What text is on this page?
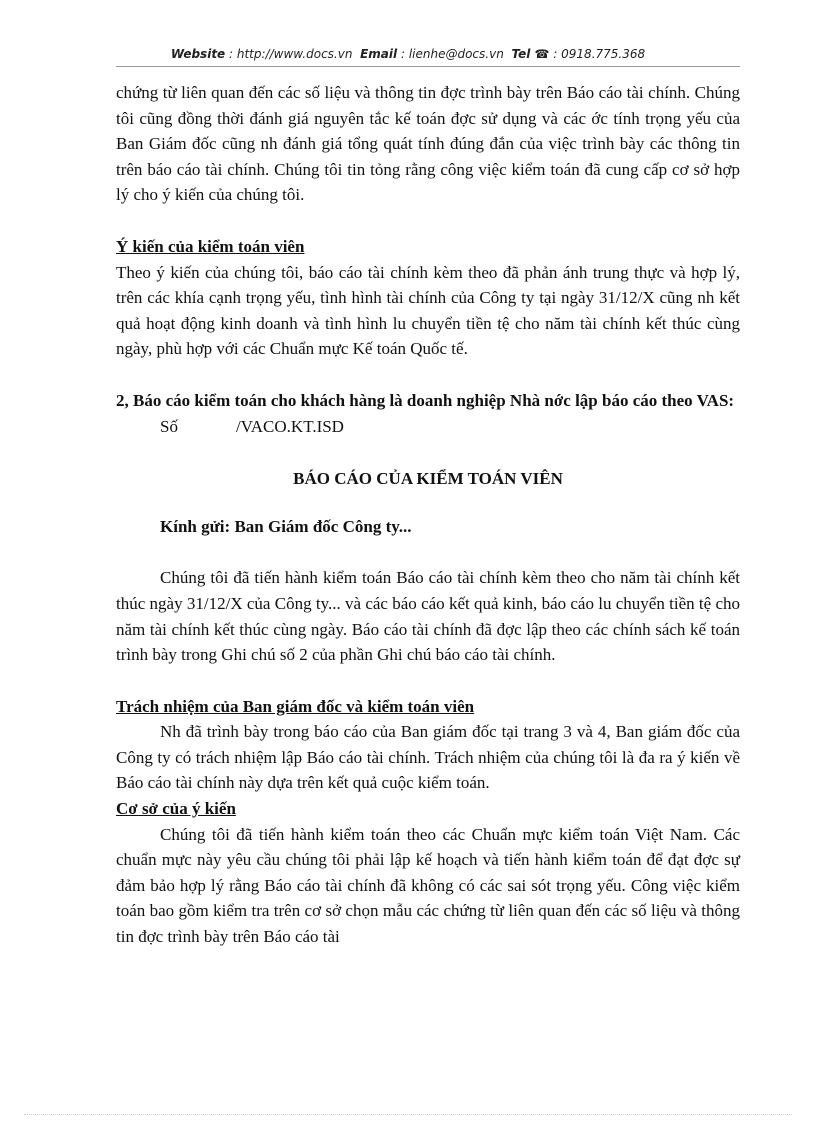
Website : http://www.docs.vn Email : lienhe@docs.vn Tel ☎ : 0918.775.368

chứng từ liên quan đến các số liệu và thông tin đợc trình bày trên Báo cáo tài chính. Chúng tôi cũng đồng thời đánh giá nguyên tắc kế toán đợc sử dụng và các ớc tính trọng yếu của Ban Giám đốc cũng nh đánh giá tổng quát tính đúng đắn của việc trình bày các thông tin trên báo cáo tài chính. Chúng tôi tin tỏng rằng công việc kiểm toán đã cung cấp cơ sở hợp lý cho ý kiến của chúng tôi.

Ý kiến của kiểm toán viên

Theo ý kiến của chúng tôi, báo cáo tài chính kèm theo đã phản ánh trung thực và hợp lý, trên các khía cạnh trọng yếu, tình hình tài chính của Công ty tại ngày 31/12/X cũng nh kết quả hoạt động kinh doanh và tình hình lu chuyển tiền tệ cho năm tài chính kết thúc cùng ngày, phù hợp với các Chuẩn mực Kế toán Quốc tế.

2, Báo cáo kiểm toán cho khách hàng là doanh nghiệp Nhà nớc lập báo cáo theo VAS:

Số	/VACO.KT.ISD

BÁO CÁO CỦA KIỂM TOÁN VIÊN

Kính gửi: Ban Giám đốc Công ty...

Chúng tôi đã tiến hành kiểm toán Báo cáo tài chính kèm theo cho năm tài chính kết thúc ngày 31/12/X của Công ty... và các báo cáo kết quả kinh, báo cáo lu chuyển tiền tệ cho năm tài chính kết thúc cùng ngày. Báo cáo tài chính đã đợc lập theo các chính sách kế toán trình bày trong Ghi chú số 2 của phần Ghi chú báo cáo tài chính.

Trách nhiệm của Ban giám đốc và kiểm toán viên

Nh đã trình bày trong báo cáo của Ban giám đốc tại trang 3 và 4, Ban giám đốc của Công ty có trách nhiệm lập Báo cáo tài chính. Trách nhiệm của chúng tôi là đa ra ý kiến về Báo cáo tài chính này dựa trên kết quả cuộc kiểm toán.

Cơ sở của ý kiến

Chúng tôi đã tiến hành kiểm toán theo các Chuẩn mực kiểm toán Việt Nam. Các chuẩn mực này yêu cầu chúng tôi phải lập kế hoạch và tiến hành kiểm toán để đạt đợc sự đảm bảo hợp lý rằng Báo cáo tài chính đã không có các sai sót trọng yếu. Công việc kiểm toán bao gồm kiểm tra trên cơ sở chọn mẫu các chứng từ liên quan đến các số liệu và thông tin đợc trình bày trên Báo cáo tài
